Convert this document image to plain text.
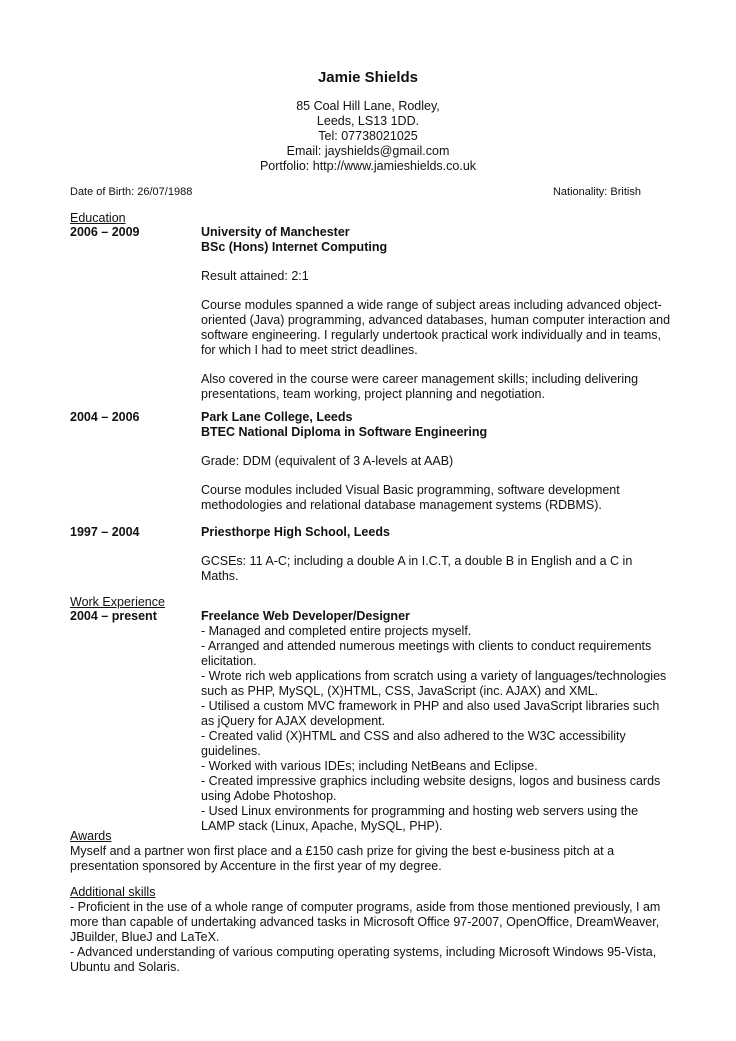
Jamie Shields
85 Coal Hill Lane, Rodley,
Leeds, LS13 1DD.
Tel: 07738021025
Email: jayshields@gmail.com
Portfolio: http://www.jamieshields.co.uk
Date of Birth: 26/07/1988	Nationality: British
Education
2006 – 2009	University of Manchester

BSc (Hons) Internet Computing

Result attained: 2:1

Course modules spanned a wide range of subject areas including advanced object-oriented (Java) programming, advanced databases, human computer interaction and software engineering. I regularly undertook practical work individually and in teams, for which I had to meet strict deadlines.

Also covered in the course were career management skills; including delivering presentations, team working, project planning and negotiation.

2004 – 2006	Park Lane College, Leeds

BTEC National Diploma in Software Engineering

Grade: DDM (equivalent of 3 A-levels at AAB)

Course modules included Visual Basic programming, software development methodologies and relational database management systems (RDBMS).

1997 – 2004	Priesthorpe High School, Leeds

GCSEs: 11 A-C; including a double A in I.C.T, a double B in English and a C in Maths.

Work Experience
2004 – present	Freelance Web Developer/Designer

- Managed and completed entire projects myself.

- Arranged and attended numerous meetings with clients to conduct requirements elicitation.

- Wrote rich web applications from scratch using a variety of languages/technologies such as PHP, MySQL, (X)HTML, CSS, JavaScript (inc. AJAX) and XML.

- Utilised a custom MVC framework in PHP and also used JavaScript libraries such as jQuery for AJAX development.

- Created valid (X)HTML and CSS and also adhered to the W3C accessibility guidelines.

- Worked with various IDEs; including NetBeans and Eclipse.

- Created impressive graphics including website designs, logos and business cards using Adobe Photoshop.

- Used Linux environments for programming and hosting web servers using the LAMP stack (Linux, Apache, MySQL, PHP).

Awards
Myself and a partner won first place and a £150 cash prize for giving the best e-business pitch at a presentation sponsored by Accenture in the first year of my degree.
Additional skills
- Proficient in the use of a whole range of computer programs, aside from those mentioned previously, I am more than capable of undertaking advanced tasks in Microsoft Office 97-2007, OpenOffice, DreamWeaver, JBuilder, BlueJ and LaTeX.
- Advanced understanding of various computing operating systems, including Microsoft Windows 95-Vista, Ubuntu and Solaris.
